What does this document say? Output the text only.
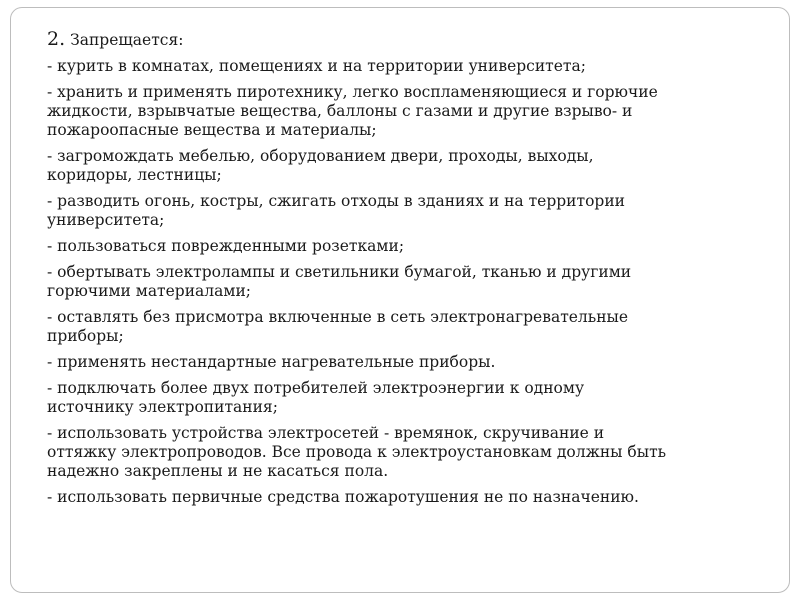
2. Запрещается:
- курить в комнатах, помещениях и на территории университета;
- хранить и применять пиротехнику, легко воспламеняющиеся и горючие
жидкости, взрывчатые вещества, баллоны с газами и другие взрыво- и
пожароопасные вещества и материалы;
- загромождать мебелью, оборудованием двери, проходы, выходы,
коридоры, лестницы;
- разводить огонь, костры, сжигать отходы в зданиях и на территории
университета;
- пользоваться поврежденными розетками;
- обертывать электролампы и светильники бумагой, тканью и другими
горючими материалами;
- оставлять без присмотра включенные в сеть электронагревательные
приборы;
- применять нестандартные нагревательные приборы.
- подключать более двух потребителей электроэнергии к одному
источнику электропитания;
- использовать устройства электросетей - времянок, скручивание и
оттяжку электропроводов. Все провода к электроустановкам должны быть
надежно закреплены и не касаться пола.
- использовать первичные средства пожаротушения не по назначению.
